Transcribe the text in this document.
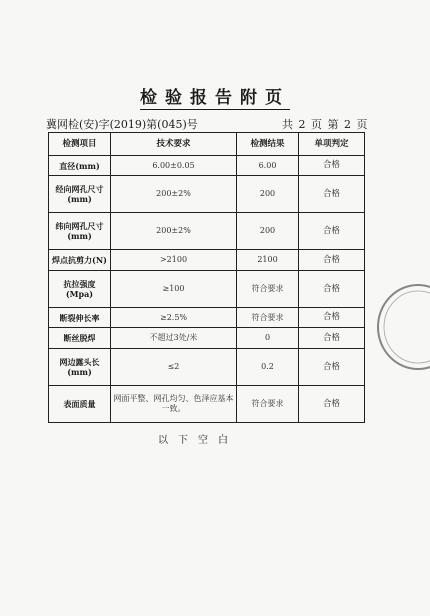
检验报告附页
冀网检(安)字(2019)第(045)号	共 2 页 第 2 页
检测项目	技术要求	检测结果	单项判定
直径(mm)	6.00±0.05	6.00	合格
经向网孔尺寸(mm)	200±2%	200	合格
纬向网孔尺寸(mm)	200±2%	200	合格
焊点抗剪力(N)	>2100	2100	合格
抗拉强度(Mpa)	≥100	符合要求	合格
断裂伸长率	≥2.5%	符合要求	合格
断丝脱焊	不超过3处/米	0	合格
网边露头长(mm)	≤2	0.2	合格
表面质量	网面平整、网孔均匀、色泽应基本一致。	符合要求	合格
以下空白
